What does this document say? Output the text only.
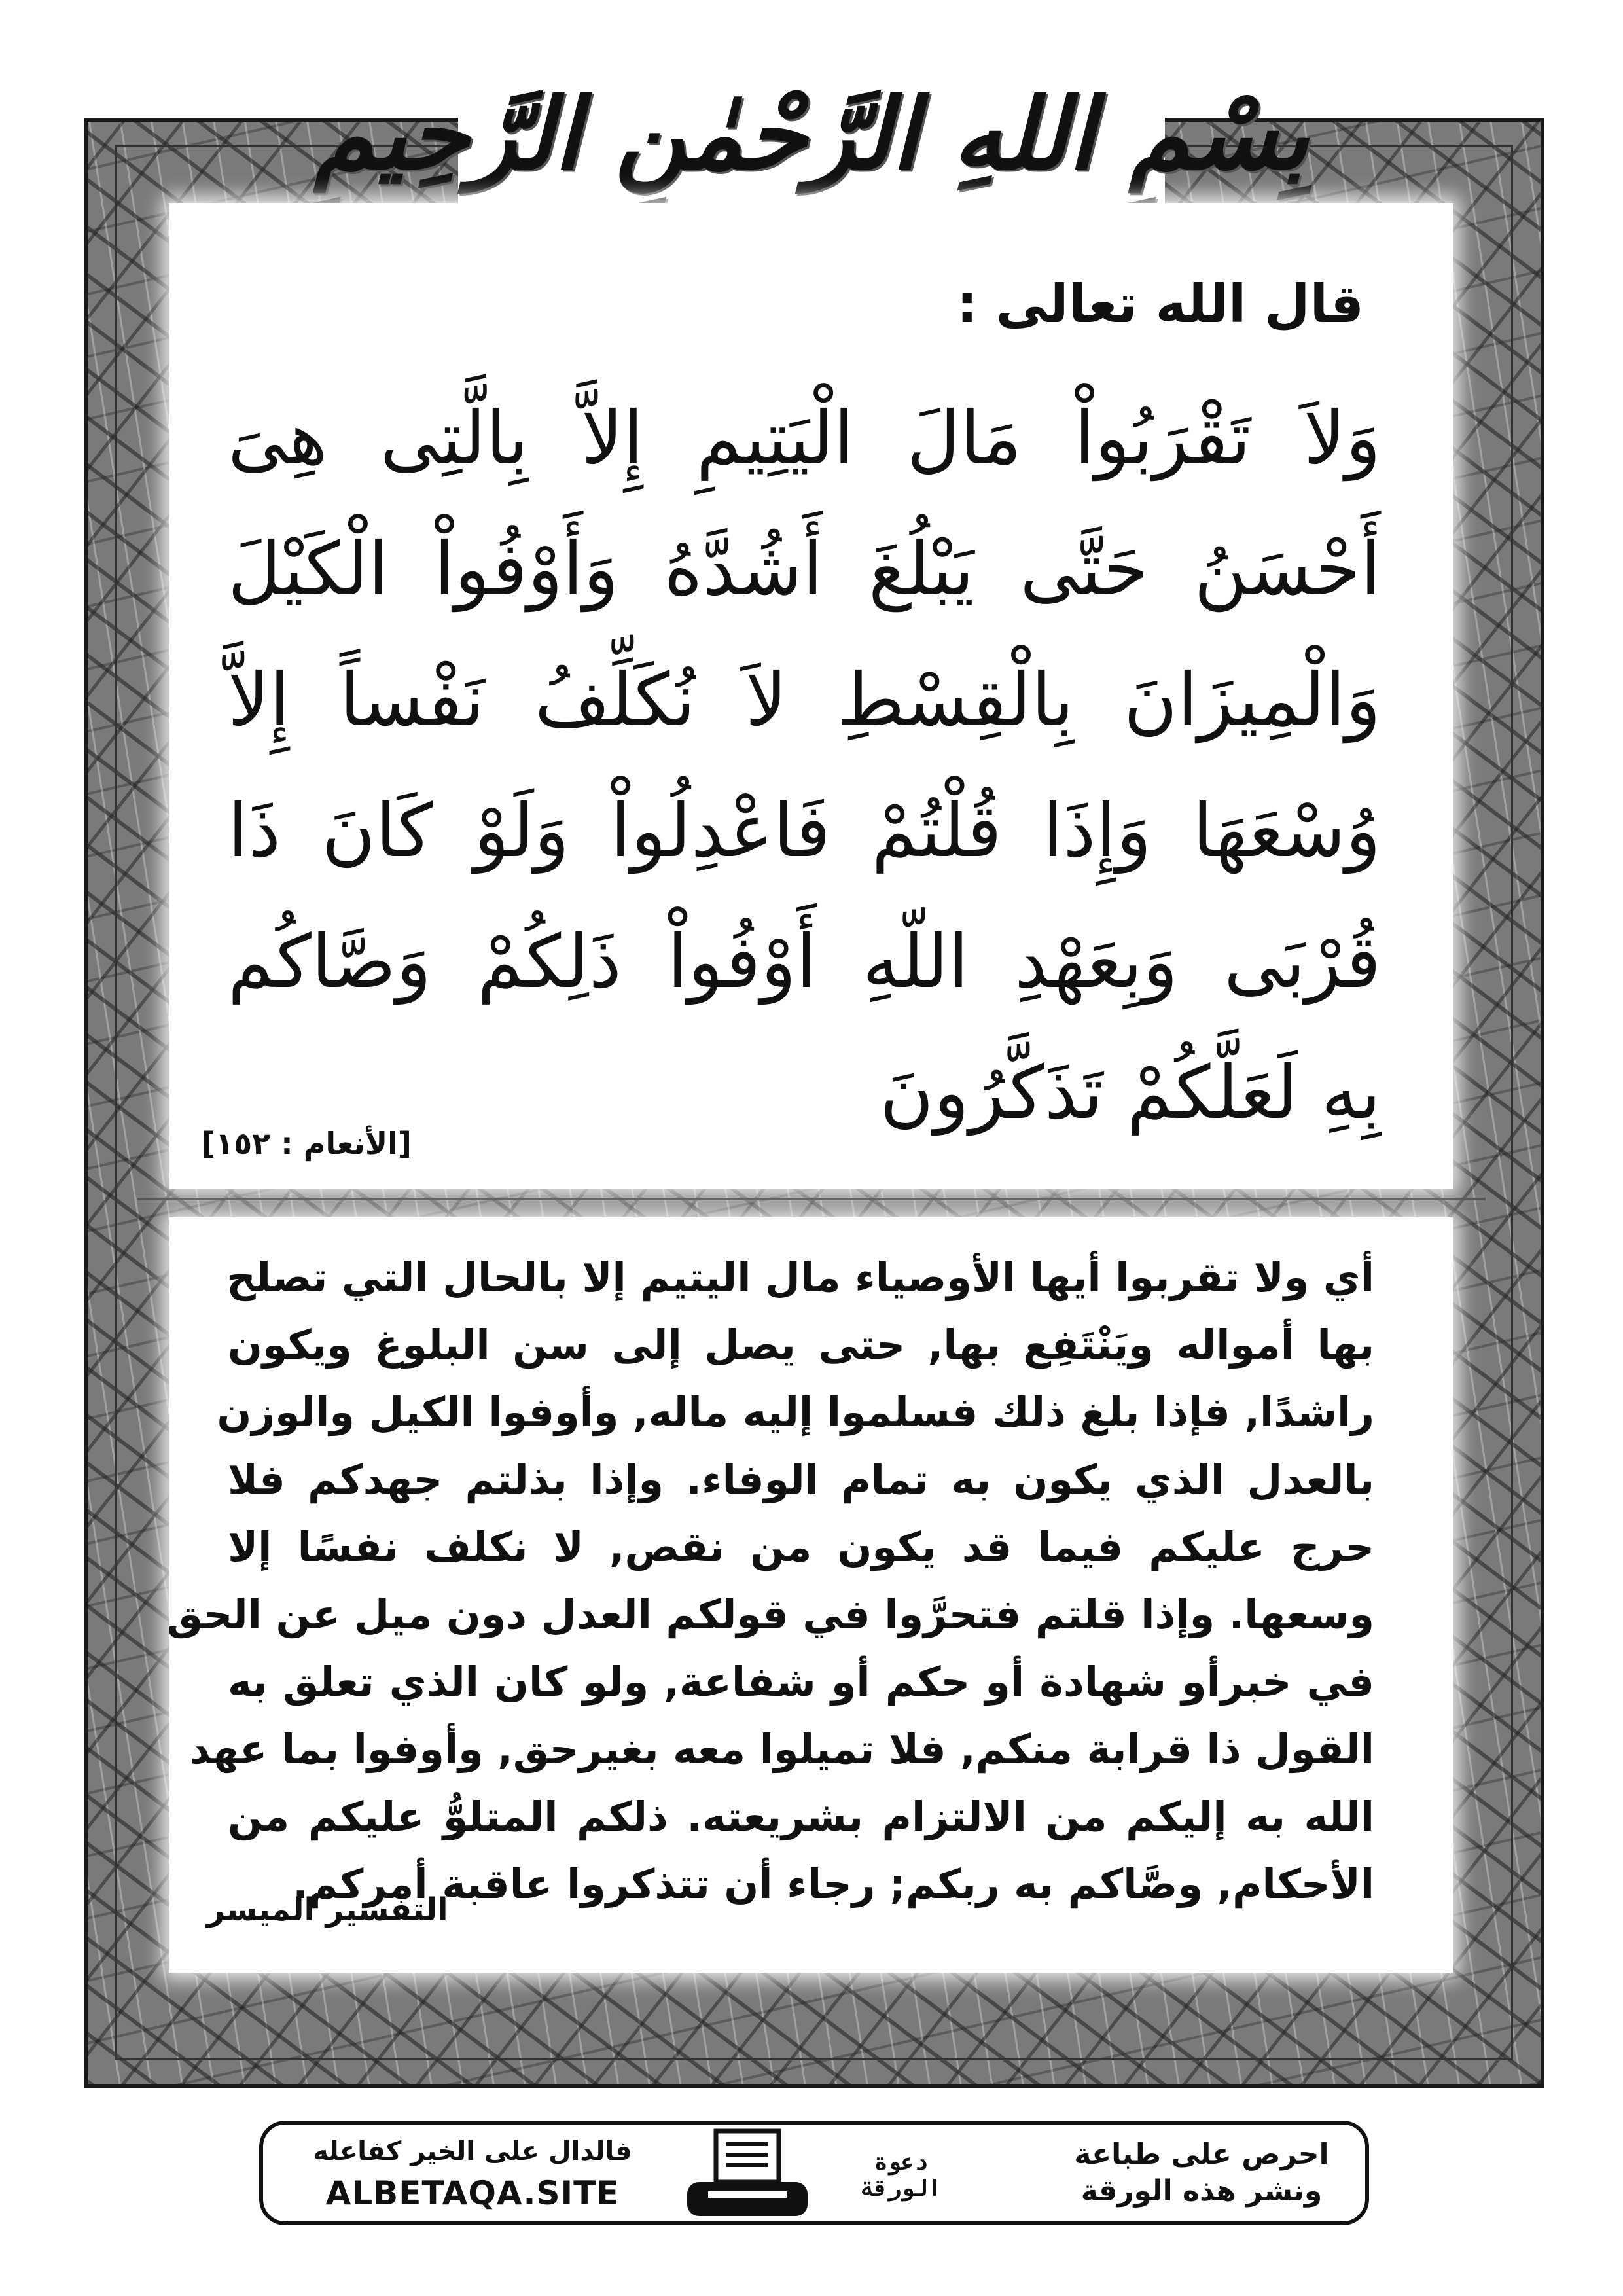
بِسْمِ اللهِ الرَّحْمٰنِ الرَّحِيمِ
قال الله تعالى :
وَلاَ تَقْرَبُواْ مَالَ الْيَتِيمِ إِلاَّ بِالَّتِى هِىَ
أَحْسَنُ حَتَّى يَبْلُغَ أَشُدَّهُ وَأَوْفُواْ الْكَيْلَ
وَالْمِيزَانَ بِالْقِسْطِ لاَ نُكَلِّفُ نَفْساً إِلاَّ
وُسْعَهَا وَإِذَا قُلْتُمْ فَاعْدِلُواْ وَلَوْ كَانَ ذَا
قُرْبَى وَبِعَهْدِ اللّهِ أَوْفُواْ ذَلِكُمْ وَصَّاكُم
بِهِ لَعَلَّكُمْ تَذَكَّرُونَ
[الأنعام : ١٥٢]
أي ولا تقربوا أيها الأوصياء مال اليتيم إلا بالحال التي تصلح
بها أمواله ويَنْتَفِع بها, حتى يصل إلى سن البلوغ ويكون
راشدًا, فإذا بلغ ذلك فسلموا إليه ماله, وأوفوا الكيل والوزن
بالعدل الذي يكون به تمام الوفاء. وإذا بذلتم جهدكم فلا
حرج عليكم فيما قد يكون من نقص, لا نكلف نفسًا إلا
وسعها. وإذا قلتم فتحرَّوا في قولكم العدل دون ميل عن الحق
في خبرأو شهادة أو حكم أو شفاعة, ولو كان الذي تعلق به
القول ذا قرابة منكم, فلا تميلوا معه بغيرحق, وأوفوا بما عهد
الله به إليكم من الالتزام بشريعته. ذلكم المتلوُّ عليكم من
الأحكام, وصَّاكم به ربكم; رجاء أن تتذكروا عاقبة أمركم.
التفسير الميسر
فالدال على الخير كفاعله
ALBETAQA.SITE
دعوة
الورقة
احرص على طباعة
ونشر هذه الورقة
